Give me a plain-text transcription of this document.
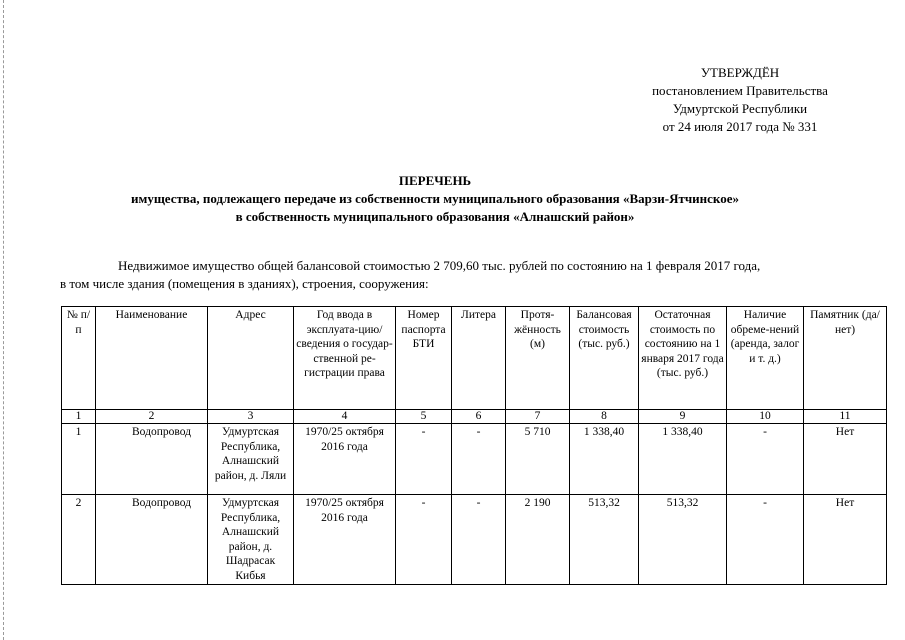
УТВЕРЖДЁН
постановлением Правительства
Удмуртской Республики
от 24 июля 2017 года № 331
ПЕРЕЧЕНЬ
имущества, подлежащего передаче из собственности муниципального образования «Варзи-Ятчинское»
в собственность муниципального образования «Алнашский район»
Недвижимое имущество общей балансовой стоимостью 2 709,60 тыс. рублей по состоянию на 1 февраля 2017 года,
в том числе здания (помещения в зданиях), строения, сооружения:
№ п/п	Наименование	Адрес	Год ввода в эксплуата-цию/сведения о государ-ственной ре-гистрации права	Номер паспорта БТИ	Литера	Протя-жённость (м)	Балансовая стоимость (тыс. руб.)	Остаточная стоимость по состоянию на 1 января 2017 года (тыс. руб.)	Наличие обреме-нений (аренда, залог и т. д.)	Памятник (да/нет)
1	2	3	4	5	6	7	8	9	10	11
1	Водопровод	Удмуртская Республика, Алнашский район, д. Ляли	1970/25 октября 2016 года	-	-	5 710	1 338,40	1 338,40	-	Нет
2	Водопровод	Удмуртская Республика, Алнашский район, д. Шадрасак Кибья	1970/25 октября 2016 года	-	-	2 190	513,32	513,32	-	Нет
